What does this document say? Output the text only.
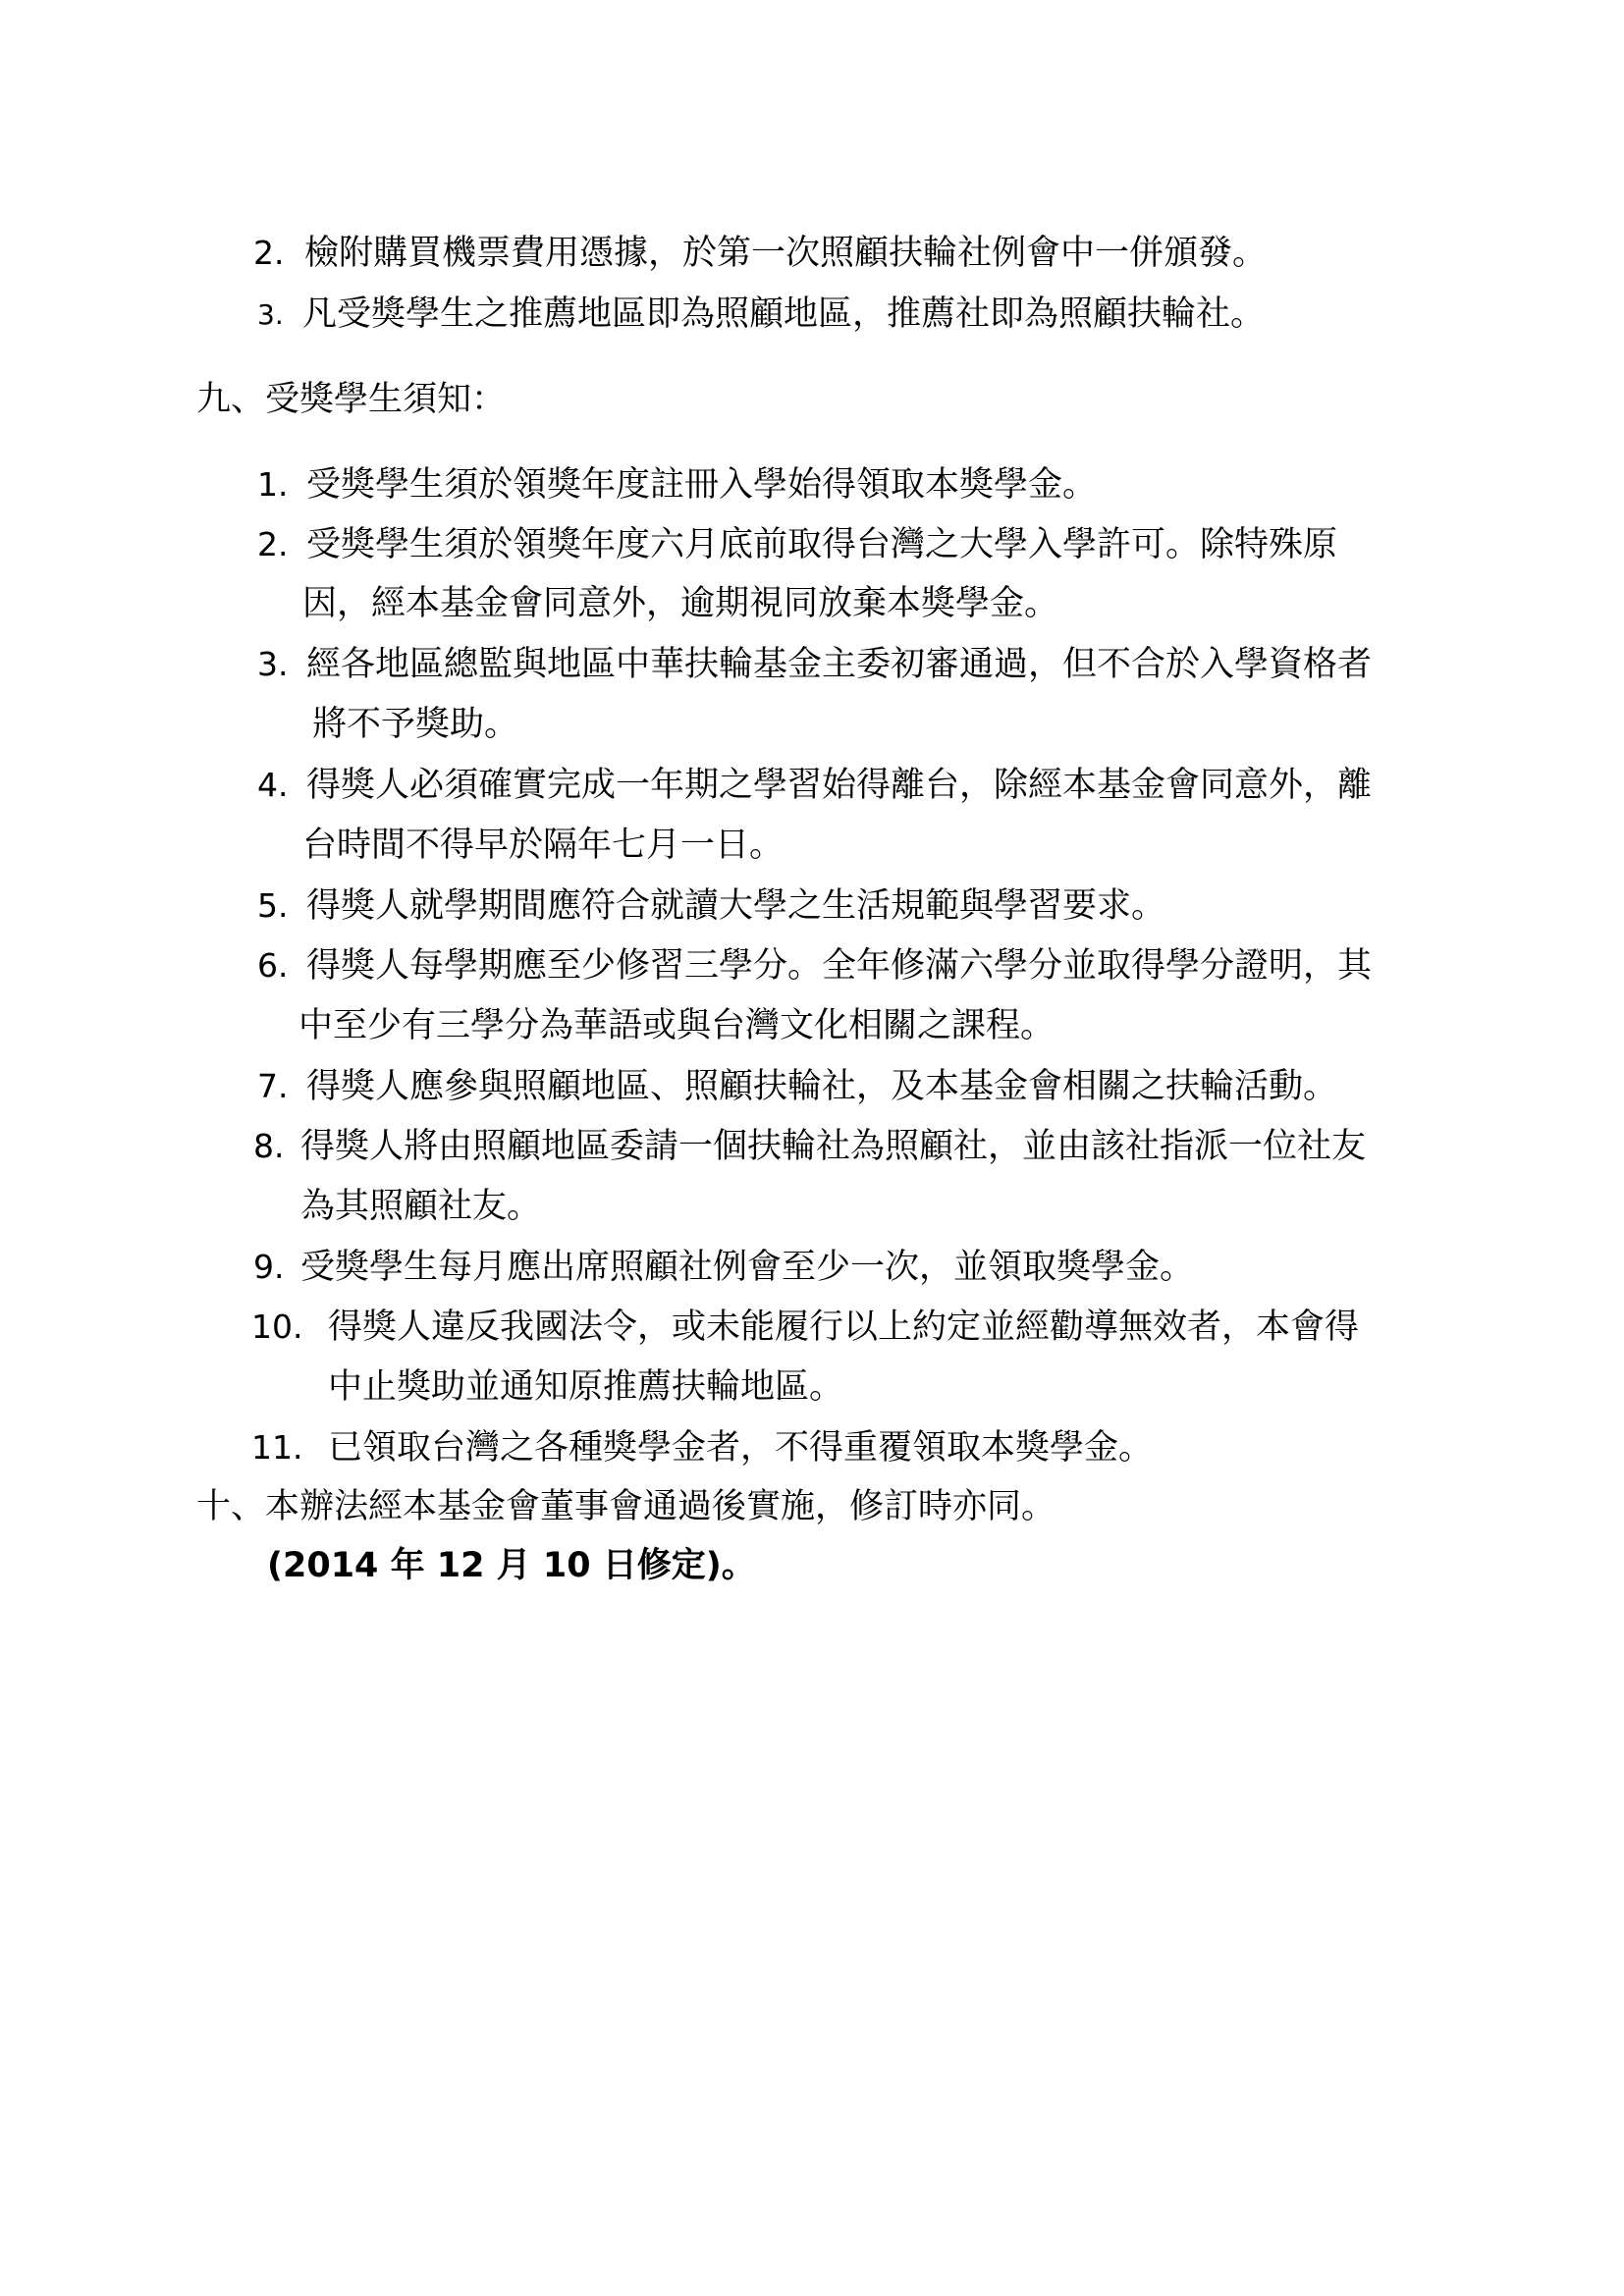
2. 檢附購買機票費用憑據，於第一次照顧扶輪社例會中一併頒發。
3. 凡受獎學生之推薦地區即為照顧地區，推薦社即為照顧扶輪社。
九、受獎學生須知：
1. 受獎學生須於領獎年度註冊入學始得領取本獎學金。
2. 受獎學生須於領獎年度六月底前取得台灣之大學入學許可。除特殊原
因，經本基金會同意外，逾期視同放棄本獎學金。
3. 經各地區總監與地區中華扶輪基金主委初審通過，但不合於入學資格者
將不予獎助。
4. 得獎人必須確實完成一年期之學習始得離台，除經本基金會同意外，離
台時間不得早於隔年七月一日。
5. 得獎人就學期間應符合就讀大學之生活規範與學習要求。
6. 得獎人每學期應至少修習三學分。全年修滿六學分並取得學分證明，其
中至少有三學分為華語或與台灣文化相關之課程。
7. 得獎人應參與照顧地區、照顧扶輪社，及本基金會相關之扶輪活動。
8. 得獎人將由照顧地區委請一個扶輪社為照顧社，並由該社指派一位社友
為其照顧社友。
9. 受獎學生每月應出席照顧社例會至少一次，並領取獎學金。
10. 得獎人違反我國法令，或未能履行以上約定並經勸導無效者，本會得
中止獎助並通知原推薦扶輪地區。
11. 已領取台灣之各種獎學金者，不得重覆領取本獎學金。
十、本辦法經本基金會董事會通過後實施，修訂時亦同。
(2014 年 12 月 10 日修定)。
